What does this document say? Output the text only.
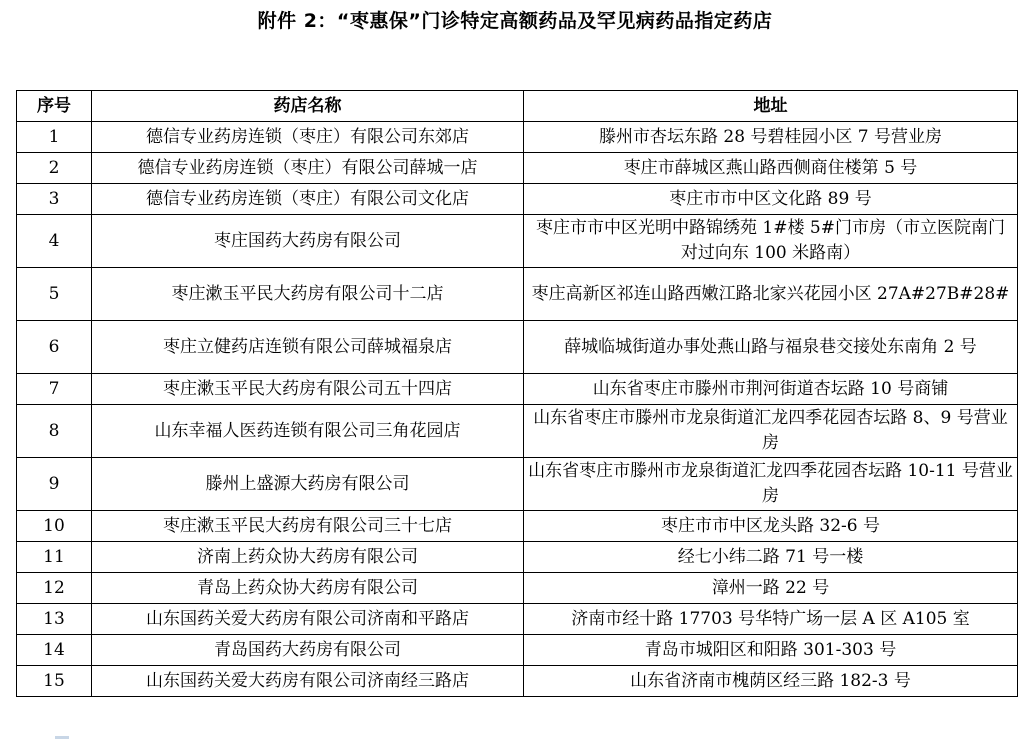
附件 2：“枣惠保”门诊特定高额药品及罕见病药品指定药店
序号	药店名称	地址
1	德信专业药房连锁（枣庄）有限公司东郊店	滕州市杏坛东路 28 号碧桂园小区 7 号营业房
2	德信专业药房连锁（枣庄）有限公司薛城一店	枣庄市薛城区燕山路西侧商住楼第 5 号
3	德信专业药房连锁（枣庄）有限公司文化店	枣庄市市中区文化路 89 号
4	枣庄国药大药房有限公司	枣庄市市中区光明中路锦绣苑 1#楼 5#门市房（市立医院南门对过向东 100 米路南）
5	枣庄漱玉平民大药房有限公司十二店	枣庄高新区祁连山路西嫩江路北家兴花园小区 27A#27B#28#
6	枣庄立健药店连锁有限公司薛城福泉店	薛城临城街道办事处燕山路与福泉巷交接处东南角 2 号
7	枣庄漱玉平民大药房有限公司五十四店	山东省枣庄市滕州市荆河街道杏坛路 10 号商铺
8	山东幸福人医药连锁有限公司三角花园店	山东省枣庄市滕州市龙泉街道汇龙四季花园杏坛路 8、9 号营业房
9	滕州上盛源大药房有限公司	山东省枣庄市滕州市龙泉街道汇龙四季花园杏坛路 10-11 号营业房
10	枣庄漱玉平民大药房有限公司三十七店	枣庄市市中区龙头路 32-6 号
11	济南上药众协大药房有限公司	经七小纬二路 71 号一楼
12	青岛上药众协大药房有限公司	漳州一路 22 号
13	山东国药关爱大药房有限公司济南和平路店	济南市经十路 17703 号华特广场一层 A 区 A105 室
14	青岛国药大药房有限公司	青岛市城阳区和阳路 301-303 号
15	山东国药关爱大药房有限公司济南经三路店	山东省济南市槐荫区经三路 182-3 号
